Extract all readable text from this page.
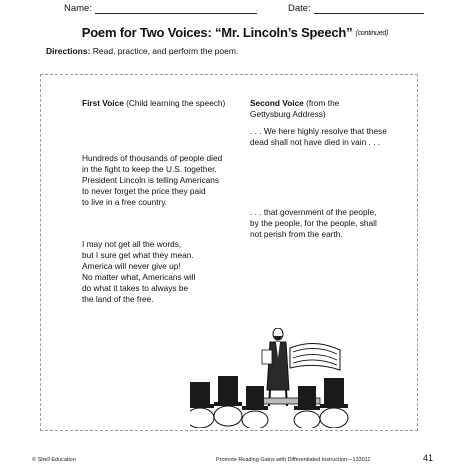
Name:	Date:
Poem for Two Voices: “Mr. Lincoln’s Speech” (continued)
Directions: Read, practice, and perform the poem.
First Voice (Child learning the speech)

Hundreds of thousands of people died

in the fight to keep the U.S. together.

President Lincoln is telling Americans

to never forget the price they paid

to live in a free country.

I may not get all the words,

but I sure get what they mean.

America will never give up!

No matter what, Americans will

do what it takes to always be

the land of the free.

Second Voice (from the

Gettysburg Address)

. . . We here highly resolve that these

dead shall not have died in vain . . .

. . . that government of the people,

by the people, for the people, shall

not perish from the earth.

© Shell Education	Promote Reading Gains with Differentiated Instruction—133011	41
